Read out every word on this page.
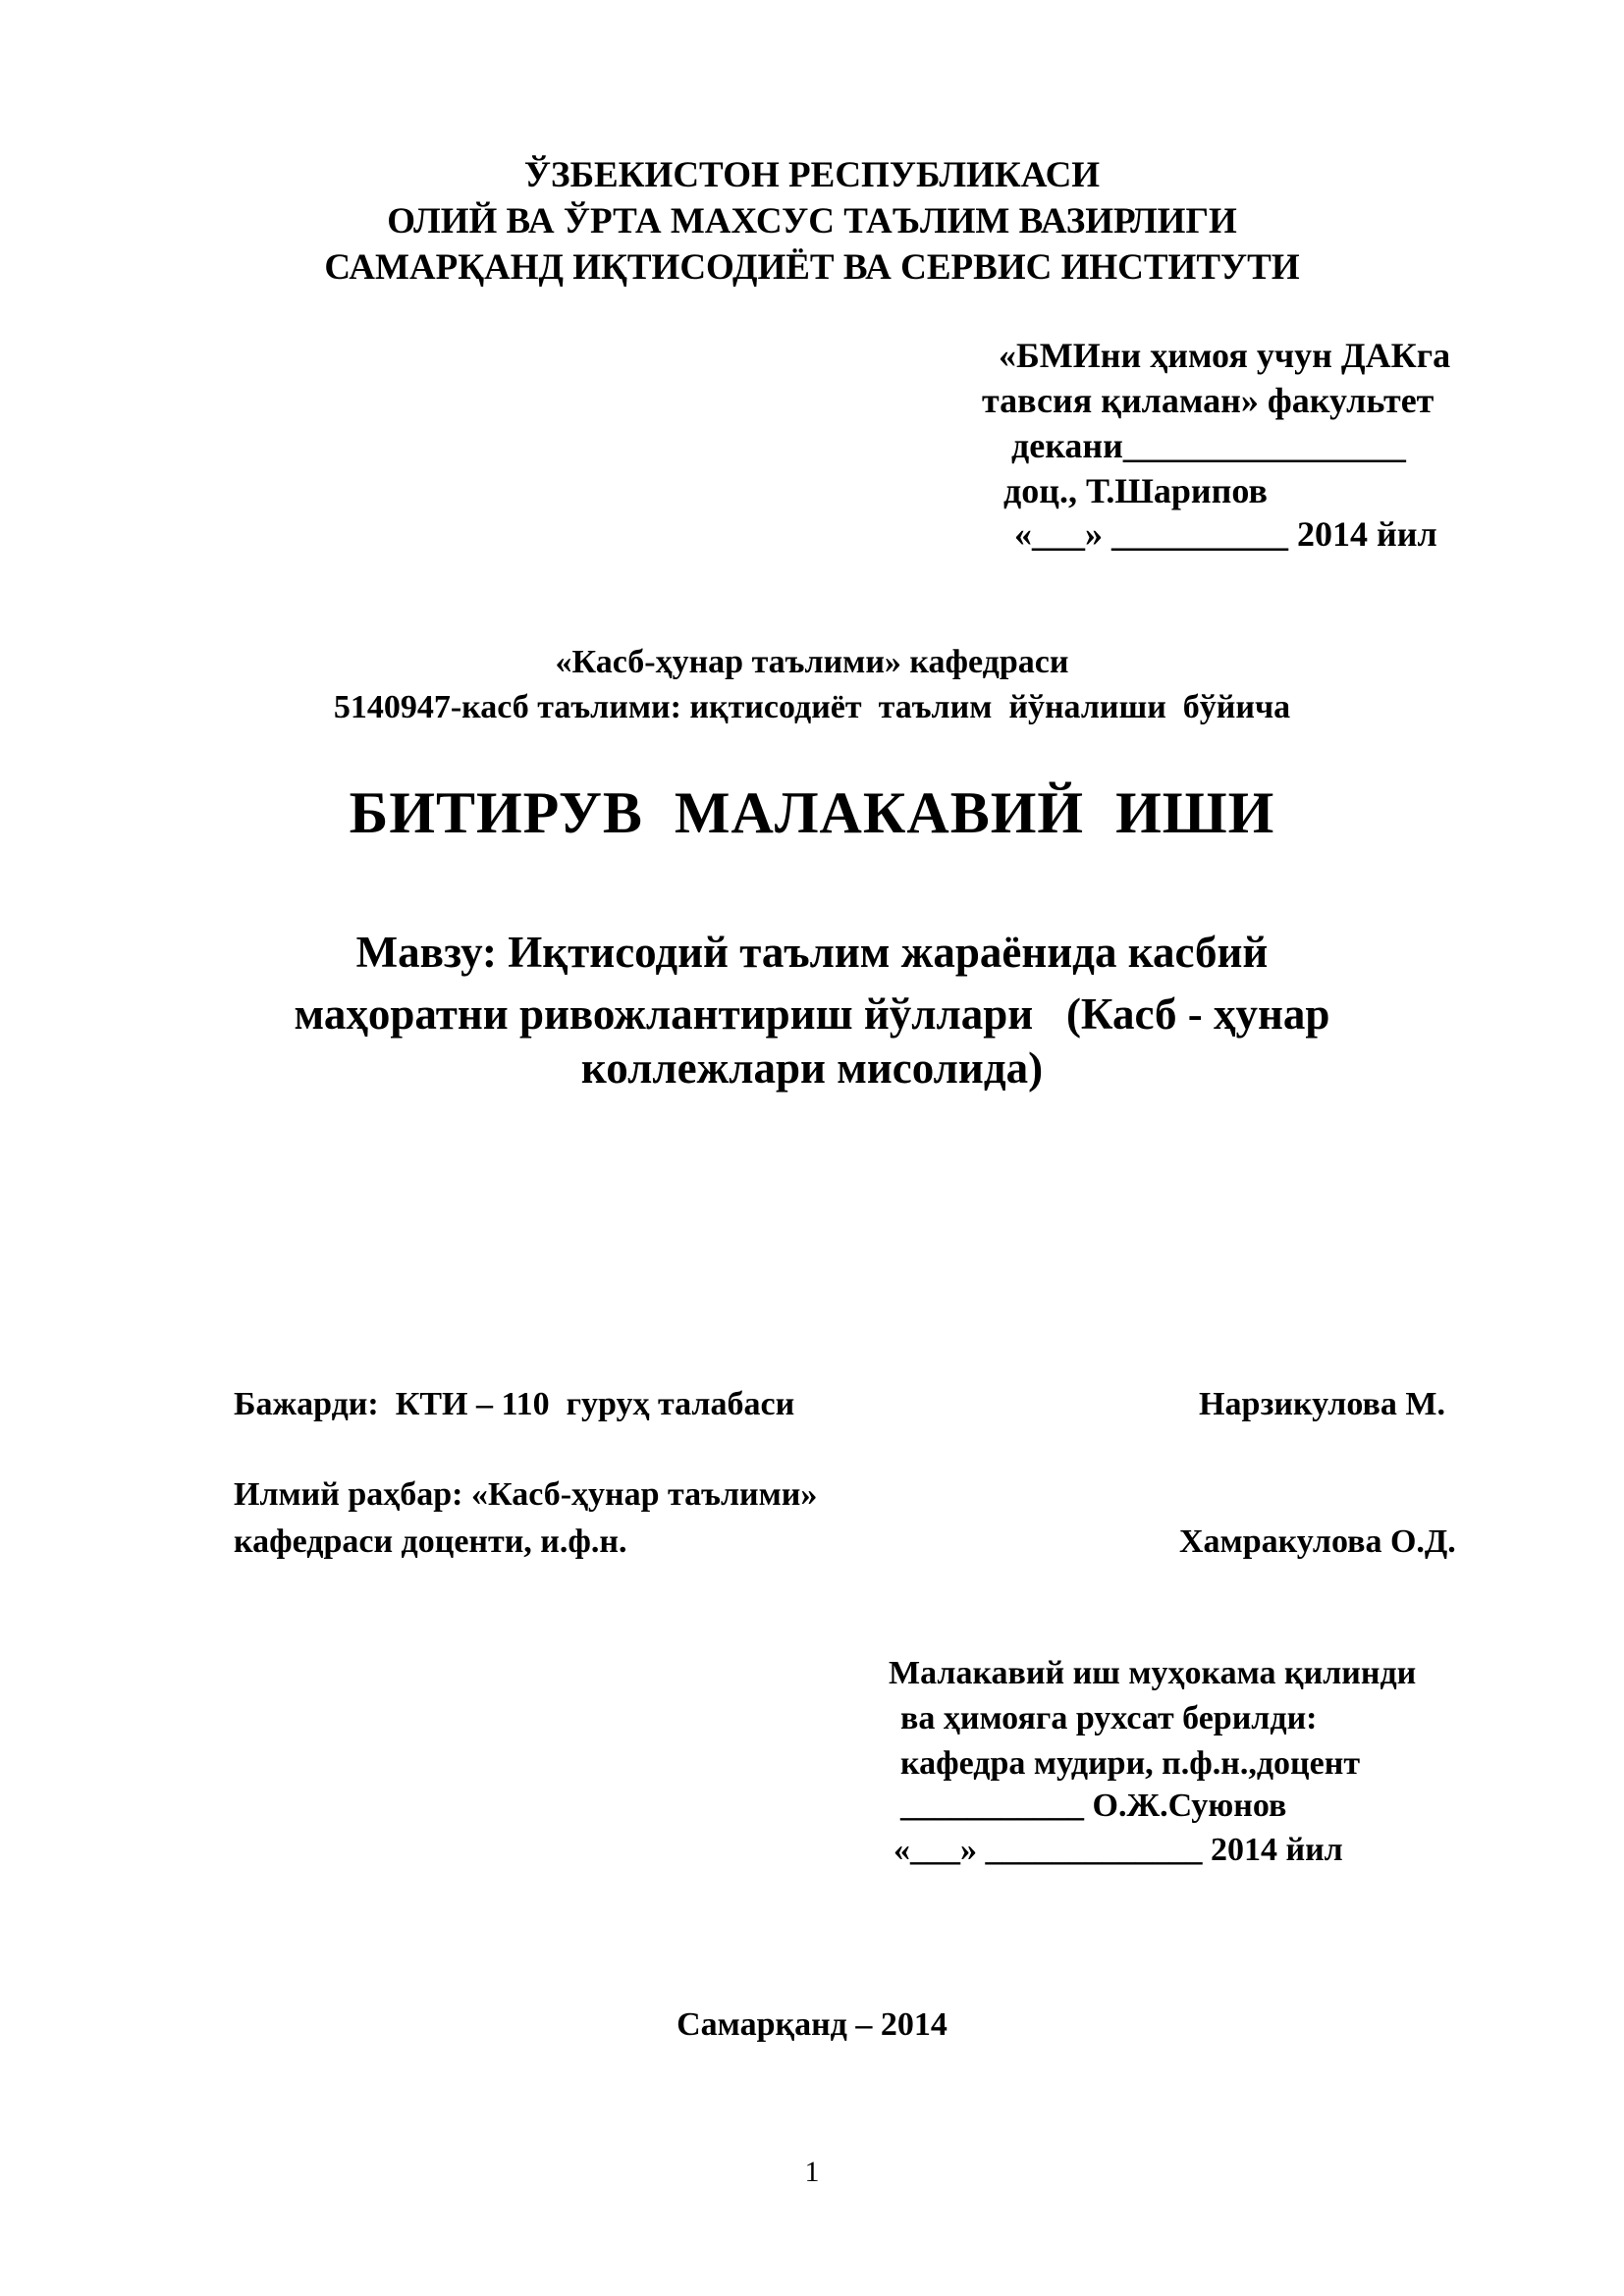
ЎЗБЕКИСТОН РЕСПУБЛИКАСИ
ОЛИЙ ВА ЎРТА МАХСУС ТАЪЛИМ ВАЗИРЛИГИ
САМАРҚАНД ИҚТИСОДИЁТ ВА СЕРВИС ИНСТИТУТИ
«БМИни ҳимоя учун ДАКга
тавсия қиламан» факультет
декани________________
доц., Т.Шарипов
«___» __________ 2014 йил
«Касб-ҳунар таълими» кафедраси
5140947-касб таълими: иқтисодиёт  таълим  йўналиши  бўйича
БИТИРУВ  МАЛАКАВИЙ  ИШИ
Мавзу: Иқтисодий таълим жараёнида касбий
маҳоратни ривожлантириш йўллари   (Касб - ҳунар
коллежлари мисолида)
Бажарди:  КТИ – 110  гуруҳ талабаси	Нарзикулова М.
Илмий раҳбар: «Касб-ҳунар таълими»
кафедраси доценти, и.ф.н.	Хамракулова О.Д.
Малакавий иш муҳокама қилинди
ва ҳимояга рухсат берилди:
кафедра мудири, п.ф.н.,доцент
___________ О.Ж.Суюнов
«___» _____________ 2014 йил
Самарқанд – 2014
1
